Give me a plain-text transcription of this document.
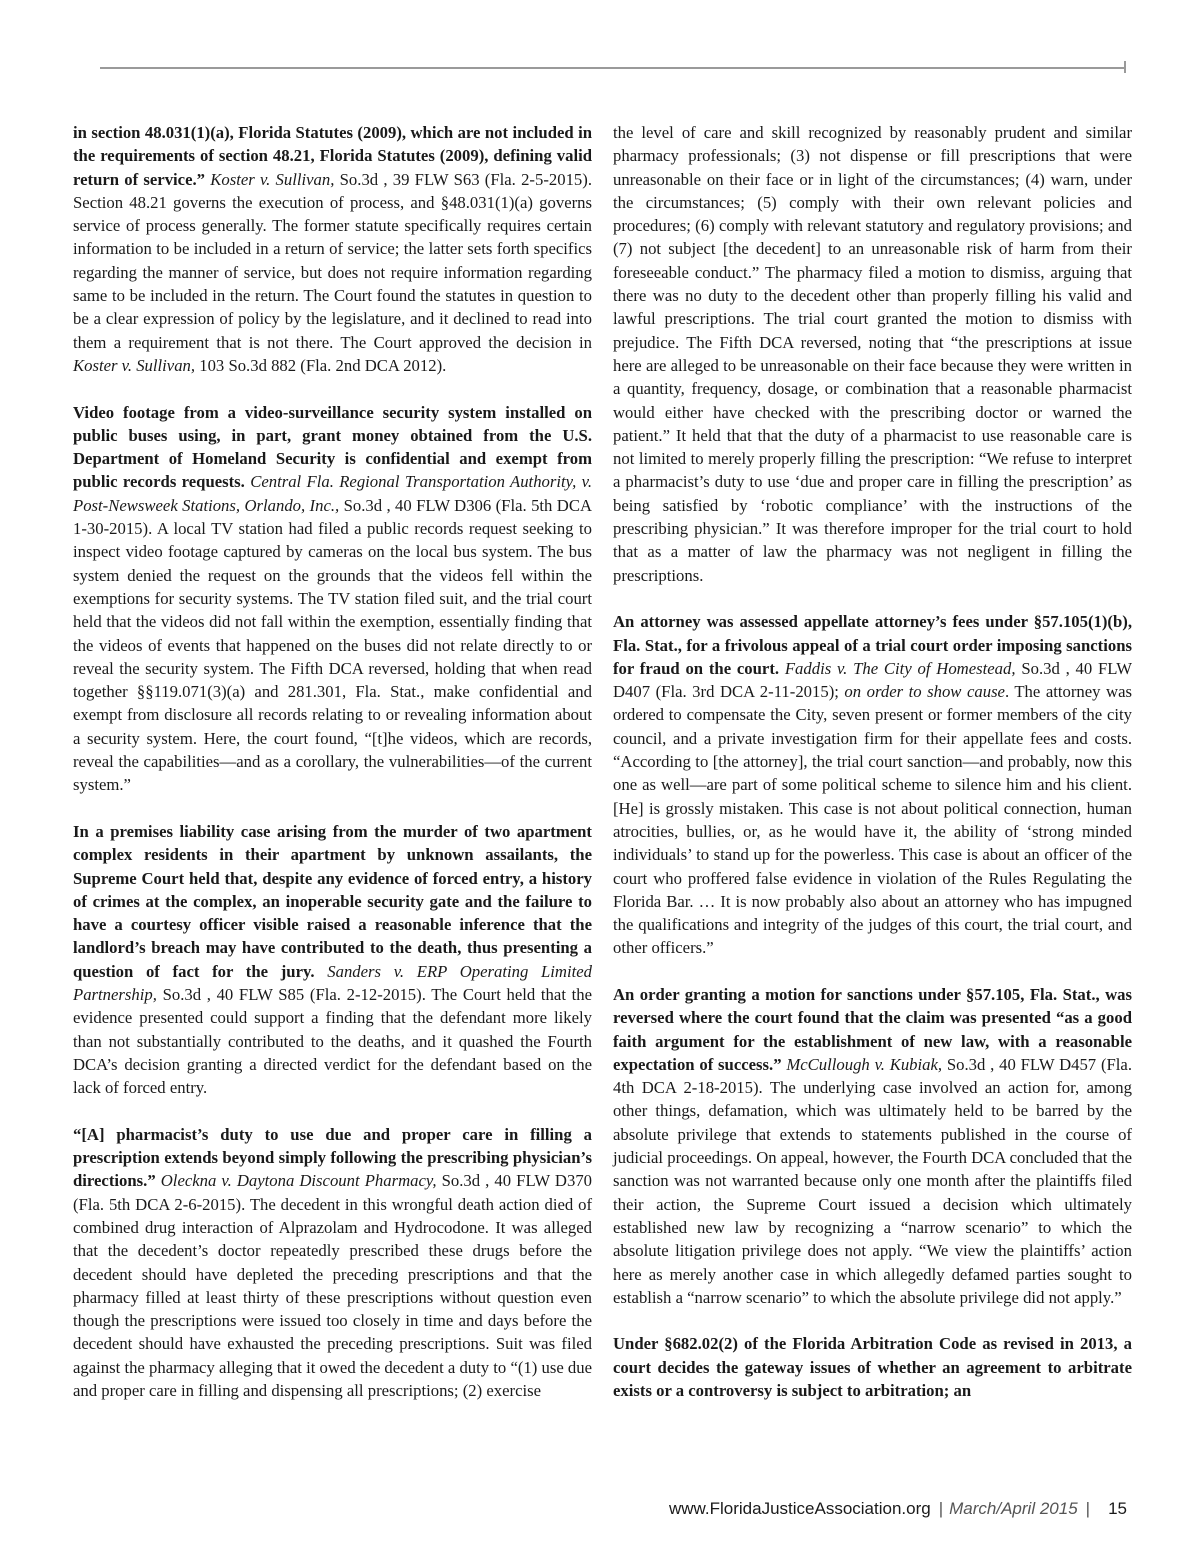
in section 48.031(1)(a), Florida Statutes (2009), which are not included in the requirements of section 48.21, Florida Statutes (2009), defining valid return of service.” Koster v. Sullivan, So.3d , 39 FLW S63 (Fla. 2-5-2015). Section 48.21 governs the execution of process, and §48.031(1)(a) governs service of process generally. The former statute specifically requires certain information to be included in a return of service; the latter sets forth specifics regarding the manner of service, but does not require information regarding same to be included in the return. The Court found the statutes in question to be a clear expression of policy by the legislature, and it declined to read into them a requirement that is not there. The Court approved the decision in Koster v. Sullivan, 103 So.3d 882 (Fla. 2nd DCA 2012).

Video footage from a video-surveillance security system installed on public buses using, in part, grant money obtained from the U.S. Department of Homeland Security is confidential and exempt from public records requests. Central Fla. Regional Transportation Authority, v. Post-Newsweek Stations, Orlando, Inc., So.3d , 40 FLW D306 (Fla. 5th DCA 1-30-2015). A local TV station had filed a public records request seeking to inspect video footage captured by cameras on the local bus system. The bus system denied the request on the grounds that the videos fell within the exemptions for security systems. The TV station filed suit, and the trial court held that the videos did not fall within the exemption, essentially finding that the videos of events that happened on the buses did not relate directly to or reveal the security system. The Fifth DCA reversed, holding that when read together §§119.071(3)(a) and 281.301, Fla. Stat., make confidential and exempt from disclosure all records relating to or revealing information about a security system. Here, the court found, “[t]he videos, which are records, reveal the capabilities—and as a corollary, the vulnerabilities—of the current system.”

In a premises liability case arising from the murder of two apartment complex residents in their apartment by unknown assailants, the Supreme Court held that, despite any evidence of forced entry, a history of crimes at the complex, an inoperable security gate and the failure to have a courtesy officer visible raised a reasonable inference that the landlord’s breach may have contributed to the death, thus presenting a question of fact for the jury. Sanders v. ERP Operating Limited Partnership, So.3d , 40 FLW S85 (Fla. 2-12-2015). The Court held that the evidence presented could support a finding that the defendant more likely than not substantially contributed to the deaths, and it quashed the Fourth DCA’s decision granting a directed verdict for the defendant based on the lack of forced entry.

“[A] pharmacist’s duty to use due and proper care in filling a prescription extends beyond simply following the prescribing physician’s directions.” Oleckna v. Daytona Discount Pharmacy, So.3d , 40 FLW D370 (Fla. 5th DCA 2-6-2015). The decedent in this wrongful death action died of combined drug interaction of Alprazolam and Hydrocodone. It was alleged that the decedent’s doctor repeatedly prescribed these drugs before the decedent should have depleted the preceding prescriptions and that the pharmacy filled at least thirty of these prescriptions without question even though the prescriptions were issued too closely in time and days before the decedent should have exhausted the preceding prescriptions. Suit was filed against the pharmacy alleging that it owed the decedent a duty to “(1) use due and proper care in filling and dispensing all prescriptions; (2) exercise

the level of care and skill recognized by reasonably prudent and similar pharmacy professionals; (3) not dispense or fill prescriptions that were unreasonable on their face or in light of the circumstances; (4) warn, under the circumstances; (5) comply with their own relevant policies and procedures; (6) comply with relevant statutory and regulatory provisions; and (7) not subject [the decedent] to an unreasonable risk of harm from their foreseeable conduct.” The pharmacy filed a motion to dismiss, arguing that there was no duty to the decedent other than properly filling his valid and lawful prescriptions. The trial court granted the motion to dismiss with prejudice. The Fifth DCA reversed, noting that “the prescriptions at issue here are alleged to be unreasonable on their face because they were written in a quantity, frequency, dosage, or combination that a reasonable pharmacist would either have checked with the prescribing doctor or warned the patient.” It held that that the duty of a pharmacist to use reasonable care is not limited to merely properly filling the prescription: “We refuse to interpret a pharmacist’s duty to use ‘due and proper care in filling the prescription’ as being satisfied by ‘robotic compliance’ with the instructions of the prescribing physician.” It was therefore improper for the trial court to hold that as a matter of law the pharmacy was not negligent in filling the prescriptions.

An attorney was assessed appellate attorney’s fees under §57.105(1)(b), Fla. Stat., for a frivolous appeal of a trial court order imposing sanctions for fraud on the court. Faddis v. The City of Homestead, So.3d , 40 FLW D407 (Fla. 3rd DCA 2-11-2015); on order to show cause. The attorney was ordered to compensate the City, seven present or former members of the city council, and a private investigation firm for their appellate fees and costs. “According to [the attorney], the trial court sanction—and probably, now this one as well—are part of some political scheme to silence him and his client. [He] is grossly mistaken. This case is not about political connection, human atrocities, bullies, or, as he would have it, the ability of ‘strong minded individuals’ to stand up for the powerless. This case is about an officer of the court who proffered false evidence in violation of the Rules Regulating the Florida Bar. … It is now probably also about an attorney who has impugned the qualifications and integrity of the judges of this court, the trial court, and other officers.”

An order granting a motion for sanctions under §57.105, Fla. Stat., was reversed where the court found that the claim was presented “as a good faith argument for the establishment of new law, with a reasonable expectation of success.” McCullough v. Kubiak, So.3d , 40 FLW D457 (Fla. 4th DCA 2-18-2015). The underlying case involved an action for, among other things, defamation, which was ultimately held to be barred by the absolute privilege that extends to statements published in the course of judicial proceedings. On appeal, however, the Fourth DCA concluded that the sanction was not warranted because only one month after the plaintiffs filed their action, the Supreme Court issued a decision which ultimately established new law by recognizing a “narrow scenario” to which the absolute litigation privilege does not apply. “We view the plaintiffs’ action here as merely another case in which allegedly defamed parties sought to establish a “narrow scenario” to which the absolute privilege did not apply.”

Under §682.02(2) of the Florida Arbitration Code as revised in 2013, a court decides the gateway issues of whether an agreement to arbitrate exists or a controversy is subject to arbitration; an

www.FloridaJusticeAssociation.org | March/April 2015 | 15
